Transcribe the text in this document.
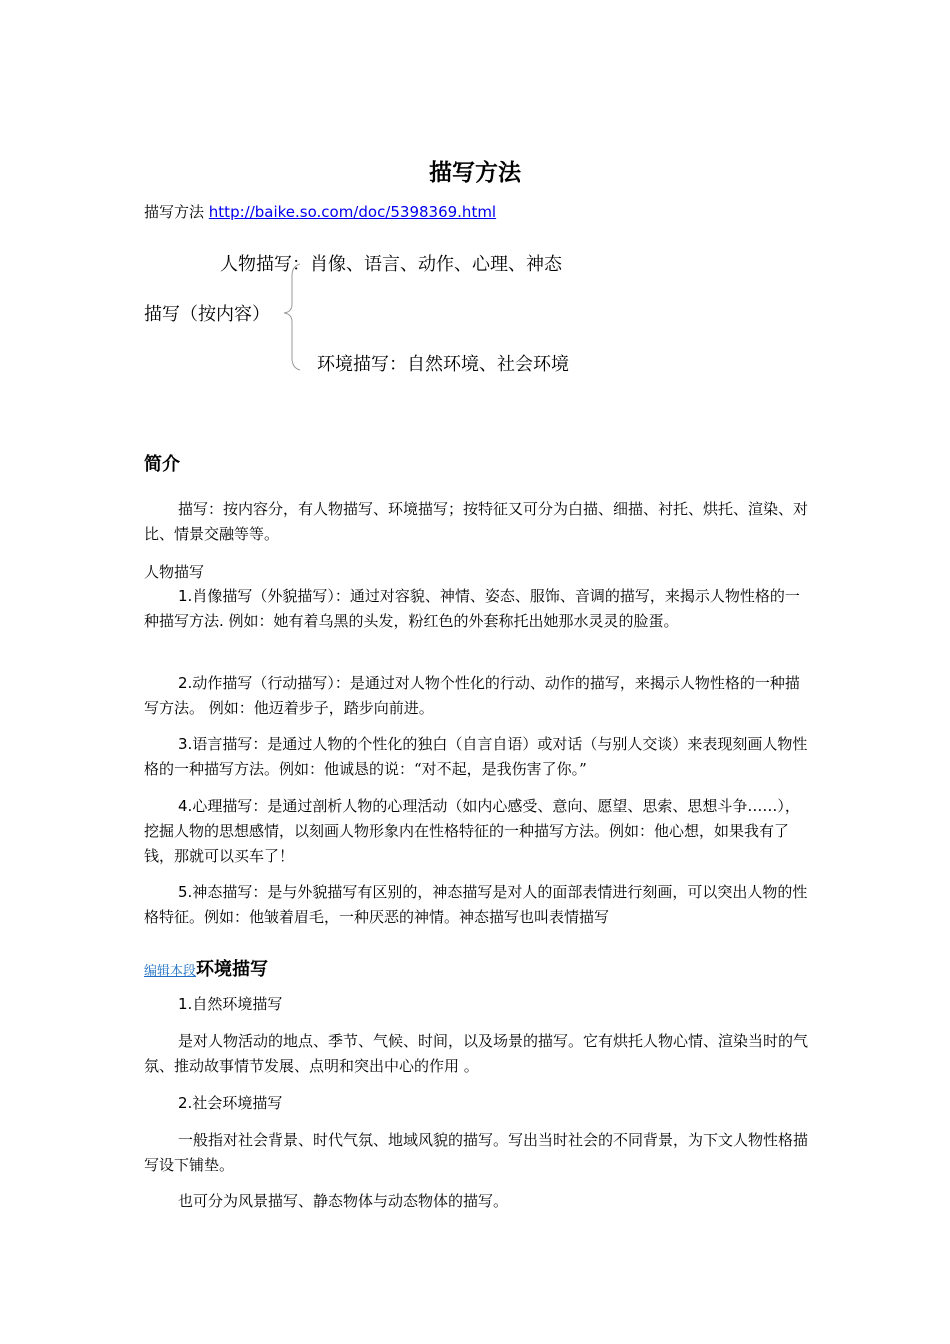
描写方法
描写方法 http://baike.so.com/doc/5398369.html
人物描写：肖像、语言、动作、心理、神态
描写（按内容）
环境描写：自然环境、社会环境
简介
描写：按内容分，有人物描写、环境描写；按特征又可分为白描、细描、衬托、烘托、渲染、对比、情景交融等等。
人物描写
1.肖像描写（外貌描写）：通过对容貌、神情、姿态、服饰、音调的描写，来揭示人物性格的一种描写方法. 例如：她有着乌黑的头发，粉红色的外套称托出她那水灵灵的脸蛋。
2.动作描写（行动描写）：是通过对人物个性化的行动、动作的描写，来揭示人物性格的一种描写方法。 例如：他迈着步子，踏步向前进。
3.语言描写：是通过人物的个性化的独白（自言自语）或对话（与别人交谈）来表现刻画人物性格的一种描写方法。例如：他诚恳的说：“对不起，是我伤害了你。”
4.心理描写：是通过剖析人物的心理活动（如内心感受、意向、愿望、思索、思想斗争……），挖掘人物的思想感情，以刻画人物形象内在性格特征的一种描写方法。例如：他心想，如果我有了钱，那就可以买车了！
5.神态描写：是与外貌描写有区别的，神态描写是对人的面部表情进行刻画，可以突出人物的性格特征。例如：他皱着眉毛，一种厌恶的神情。神态描写也叫表情描写
编辑本段环境描写
1.自然环境描写
是对人物活动的地点、季节、气候、时间，以及场景的描写。它有烘托人物心情、渲染当时的气氛、推动故事情节发展、点明和突出中心的作用 。
2.社会环境描写
一般指对社会背景、时代气氛、地域风貌的描写。写出当时社会的不同背景，为下文人物性格描写设下铺垫。
也可分为风景描写、静态物体与动态物体的描写。
